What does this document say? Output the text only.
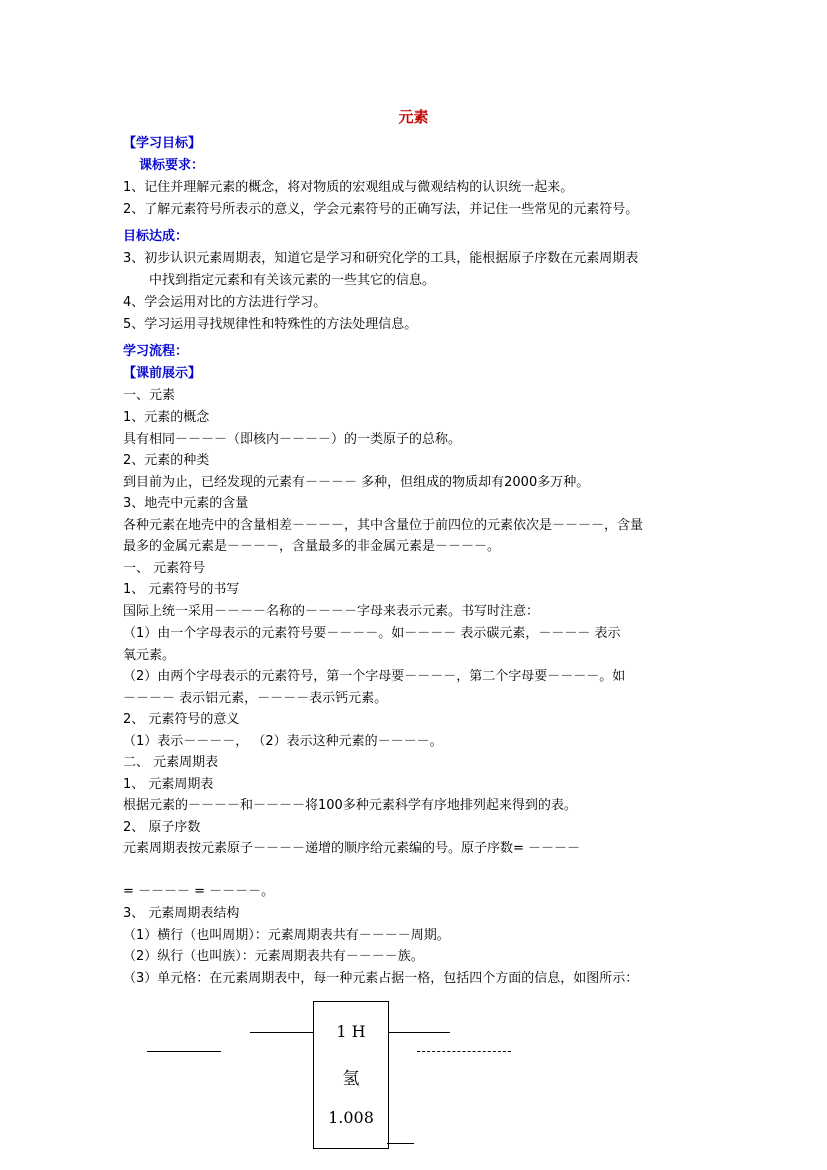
元素
【学习目标】
课标要求：
1、记住并理解元素的概念，将对物质的宏观组成与微观结构的认识统一起来。
2、了解元素符号所表示的意义，学会元素符号的正确写法，并记住一些常见的元素符号。
目标达成：
3、初步认识元素周期表，知道它是学习和研究化学的工具，能根据原子序数在元素周期表
中找到指定元素和有关该元素的一些其它的信息。
4、学会运用对比的方法进行学习。
5、学习运用寻找规律性和特殊性的方法处理信息。
学习流程：
【课前展示】
一、元素
1、元素的概念
具有相同－－－－（即核内－－－－）的一类原子的总称。
2、元素的种类
到目前为止，已经发现的元素有－－－－ 多种，但组成的物质却有2000多万种。
3、地壳中元素的含量
各种元素在地壳中的含量相差－－－－，其中含量位于前四位的元素依次是－－－－，含量
最多的金属元素是－－－－，含量最多的非金属元素是－－－－。
一、 元素符号
1、 元素符号的书写
国际上统一采用－－－－名称的－－－－字母来表示元素。书写时注意：
（1）由一个字母表示的元素符号要－－－－。如－－－－ 表示碳元素，－－－－ 表示
氧元素。
（2）由两个字母表示的元素符号，第一个字母要－－－－，第二个字母要－－－－。如
－－－－ 表示铝元素，－－－－表示钙元素。
2、 元素符号的意义
（1）表示－－－－， （2）表示这种元素的－－－－。
二、 元素周期表
1、 元素周期表
根据元素的－－－－和－－－－将100多种元素科学有序地排列起来得到的表。
2、 原子序数
元素周期表按元素原子－－－－递增的顺序给元素编的号。原子序数= －－－－
= －－－－ = －－－－。
3、 元素周期表结构
（1）横行（也叫周期）：元素周期表共有－－－－周期。
（2）纵行（也叫族）：元素周期表共有－－－－族。
（3）单元格：在元素周期表中，每一种元素占据一格，包括四个方面的信息，如图所示：
1 H
氢
1.008
